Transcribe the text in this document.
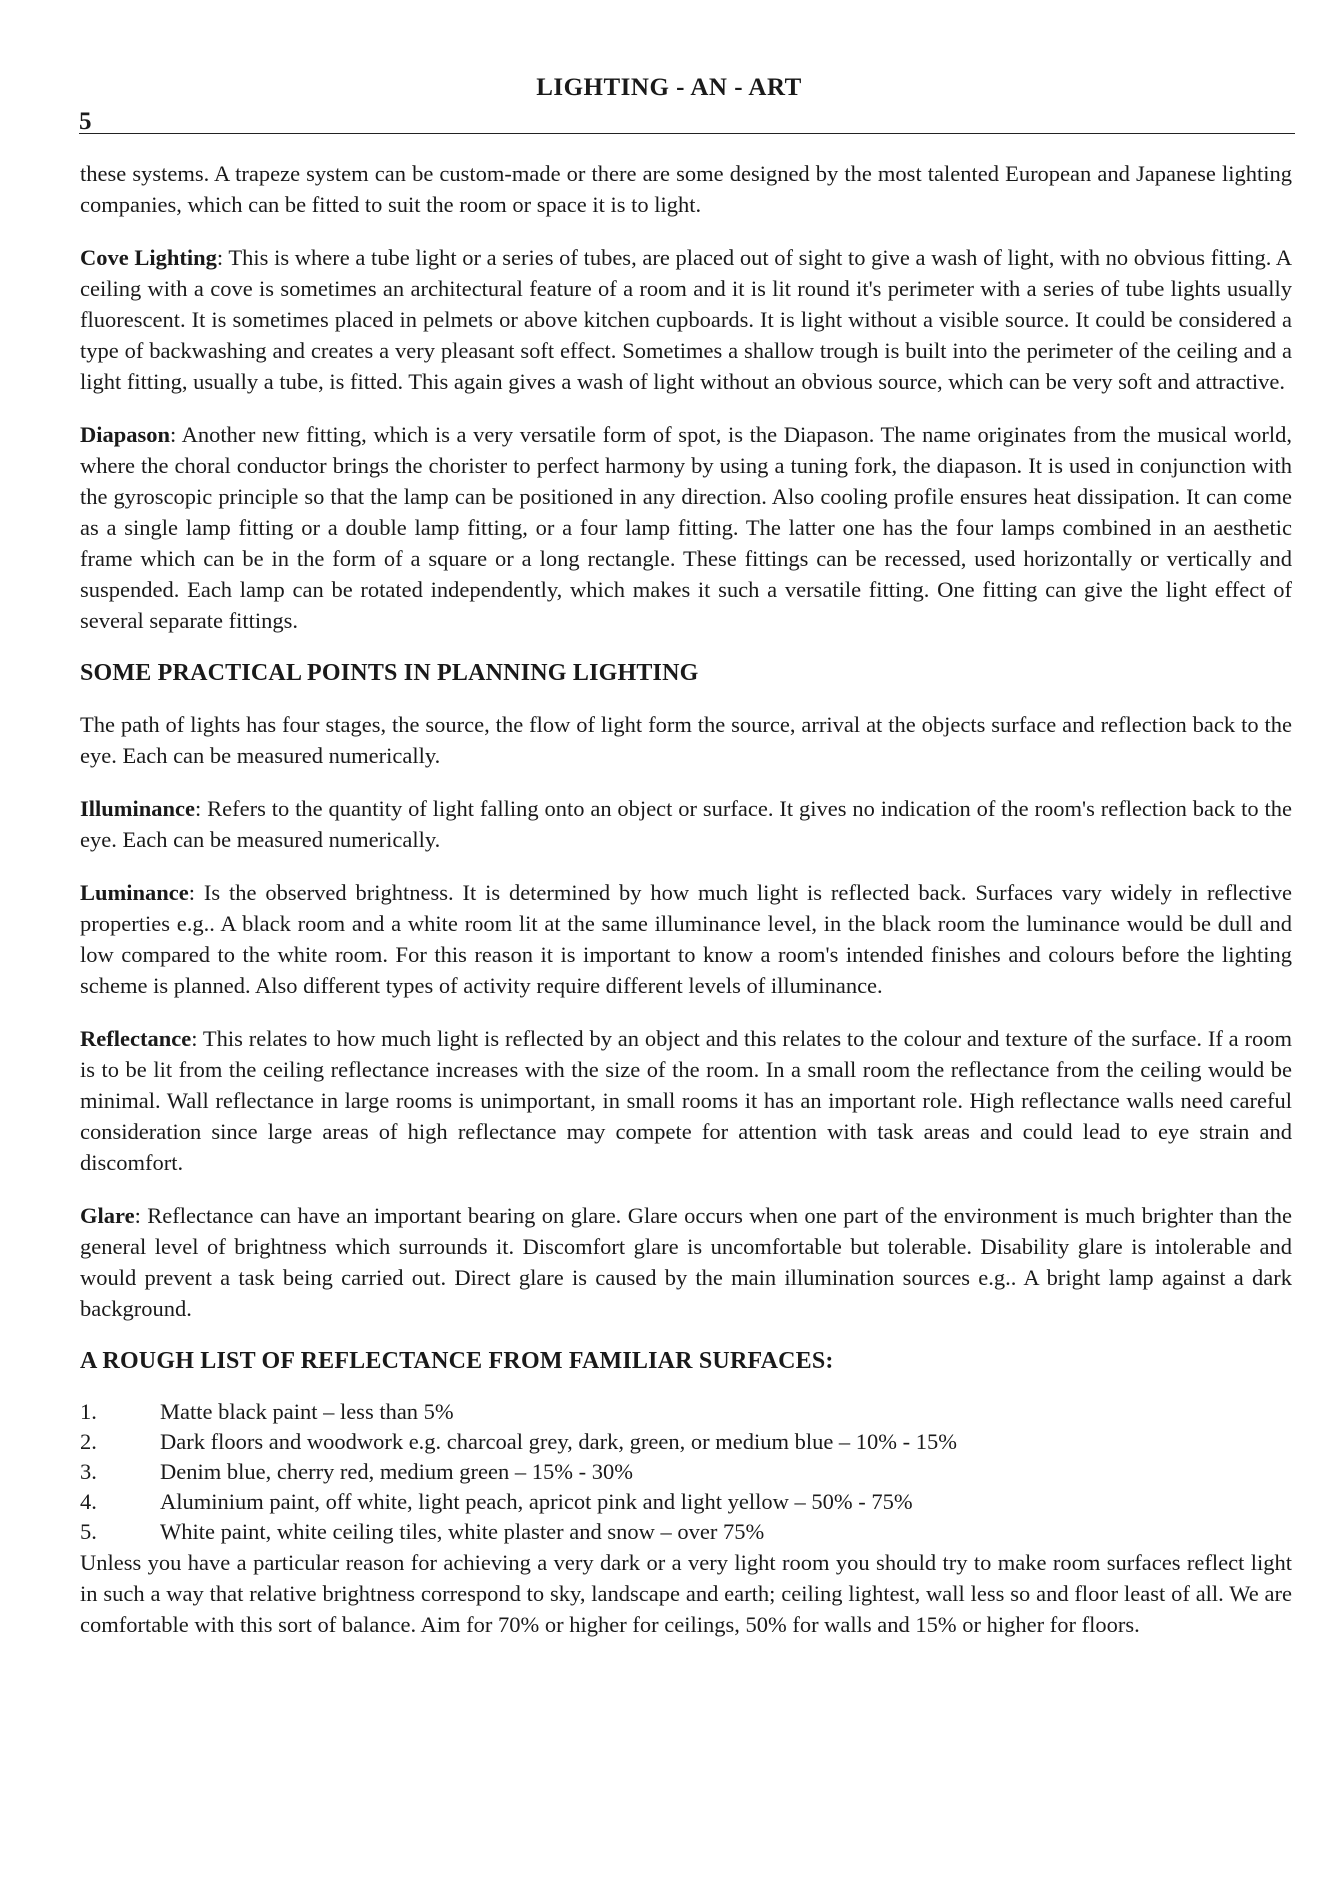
LIGHTING - AN - ART
5

these systems. A trapeze system can be custom-made or there are some designed by the most talented European and Japanese lighting companies, which can be fitted to suit the room or space it is to light.

Cove Lighting: This is where a tube light or a series of tubes, are placed out of sight to give a wash of light, with no obvious fitting. A ceiling with a cove is sometimes an architectural feature of a room and it is lit round it's perimeter with a series of tube lights usually fluorescent. It is sometimes placed in pelmets or above kitchen cupboards. It is light without a visible source. It could be considered a type of backwashing and creates a very pleasant soft effect. Sometimes a shallow trough is built into the perimeter of the ceiling and a light fitting, usually a tube, is fitted. This again gives a wash of light without an obvious source, which can be very soft and attractive.

Diapason: Another new fitting, which is a very versatile form of spot, is the Diapason. The name originates from the musical world, where the choral conductor brings the chorister to perfect harmony by using a tuning fork, the diapason. It is used in conjunction with the gyroscopic principle so that the lamp can be positioned in any direction. Also cooling profile ensures heat dissipation. It can come as a single lamp fitting or a double lamp fitting, or a four lamp fitting. The latter one has the four lamps combined in an aesthetic frame which can be in the form of a square or a long rectangle. These fittings can be recessed, used horizontally or vertically and suspended. Each lamp can be rotated independently, which makes it such a versatile fitting. One fitting can give the light effect of several separate fittings.

SOME PRACTICAL POINTS IN PLANNING LIGHTING

The path of lights has four stages, the source, the flow of light form the source, arrival at the objects surface and reflection back to the eye. Each can be measured numerically.

Illuminance: Refers to the quantity of light falling onto an object or surface. It gives no indication of the room's reflection back to the eye. Each can be measured numerically.

Luminance: Is the observed brightness. It is determined by how much light is reflected back. Surfaces vary widely in reflective properties e.g.. A black room and a white room lit at the same illuminance level, in the black room the luminance would be dull and low compared to the white room. For this reason it is important to know a room's intended finishes and colours before the lighting scheme is planned. Also different types of activity require different levels of illuminance.

Reflectance: This relates to how much light is reflected by an object and this relates to the colour and texture of the surface. If a room is to be lit from the ceiling reflectance increases with the size of the room. In a small room the reflectance from the ceiling would be minimal. Wall reflectance in large rooms is unimportant, in small rooms it has an important role. High reflectance walls need careful consideration since large areas of high reflectance may compete for attention with task areas and could lead to eye strain and discomfort.

Glare: Reflectance can have an important bearing on glare. Glare occurs when one part of the environment is much brighter than the general level of brightness which surrounds it. Discomfort glare is uncomfortable but tolerable. Disability glare is intolerable and would prevent a task being carried out. Direct glare is caused by the main illumination sources e.g.. A bright lamp against a dark background.

A ROUGH LIST OF REFLECTANCE FROM FAMILIAR SURFACES:
1.	Matte black paint – less than 5%
2.	Dark floors and woodwork e.g. charcoal grey, dark, green, or medium blue – 10% - 15%
3.	Denim blue, cherry red, medium green – 15% - 30%
4.	Aluminium paint, off white, light peach, apricot pink and light yellow – 50% - 75%
5.	White paint, white ceiling tiles, white plaster and snow – over 75%

Unless you have a particular reason for achieving a very dark or a very light room you should try to make room surfaces reflect light in such a way that relative brightness correspond to sky, landscape and earth; ceiling lightest, wall less so and floor least of all. We are comfortable with this sort of balance. Aim for 70% or higher for ceilings, 50% for walls and 15% or higher for floors.
